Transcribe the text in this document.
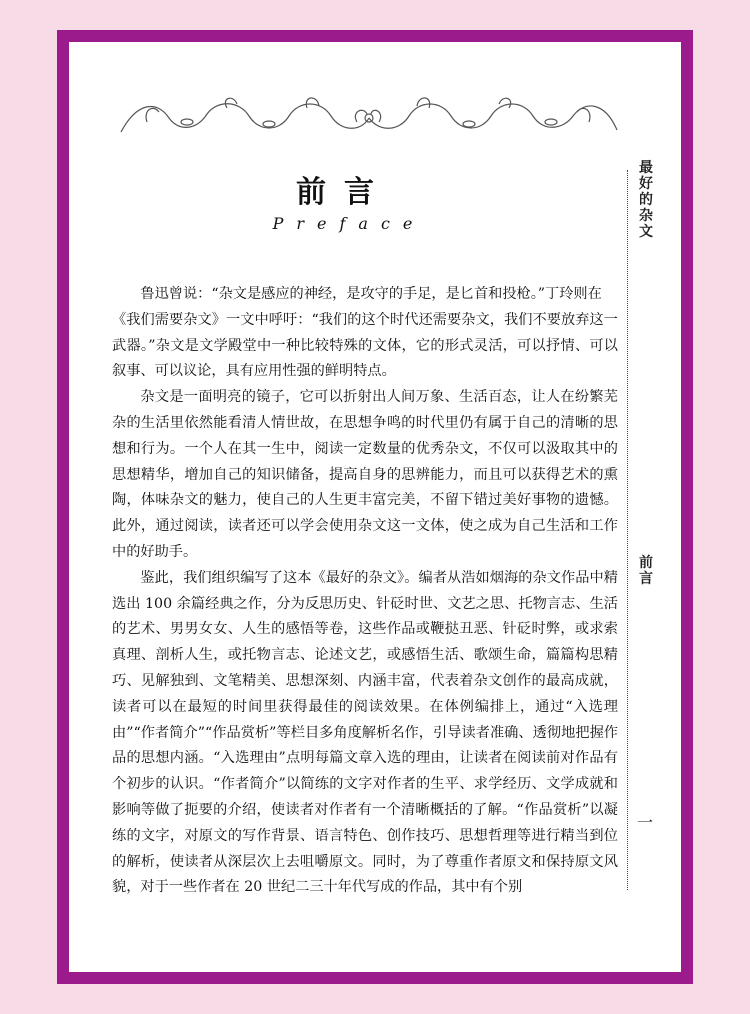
前言
Preface

鲁迅曾说：“杂文是感应的神经，是攻守的手足，是匕首和投枪。”丁玲则在

《我们需要杂文》一文中呼吁：“我们的这个时代还需要杂文，我们不要放弃这一武器。”杂文是文学殿堂中一种比较特殊的文体，它的形式灵活，可以抒情、可以叙事、可以议论，具有应用性强的鲜明特点。

杂文是一面明亮的镜子，它可以折射出人间万象、生活百态，让人在纷繁芜杂的生活里依然能看清人情世故，在思想争鸣的时代里仍有属于自己的清晰的思想和行为。一个人在其一生中，阅读一定数量的优秀杂文，不仅可以汲取其中的思想精华，增加自己的知识储备，提高自身的思辨能力，而且可以获得艺术的熏陶，体味杂文的魅力，使自己的人生更丰富完美，不留下错过美好事物的遗憾。此外，通过阅读，读者还可以学会使用杂文这一文体，使之成为自己生活和工作中的好助手。

鉴此，我们组织编写了这本《最好的杂文》。编者从浩如烟海的杂文作品中精选出 100 余篇经典之作，分为反思历史、针砭时世、文艺之思、托物言志、生活的艺术、男男女女、人生的感悟等卷，这些作品或鞭挞丑恶、针砭时弊，或求索真理、剖析人生，或托物言志、论述文艺，或感悟生活、歌颂生命，篇篇构思精巧、见解独到、文笔精美、思想深刻、内涵丰富，代表着杂文创作的最高成就，读者可以在最短的时间里获得最佳的阅读效果。在体例编排上，通过“入选理由”“作者简介”“作品赏析”等栏目多角度解析名作，引导读者准确、透彻地把握作品的思想内涵。“入选理由”点明每篇文章入选的理由，让读者在阅读前对作品有个初步的认识。“作者简介”以简练的文字对作者的生平、求学经历、文学成就和影响等做了扼要的介绍，使读者对作者有一个清晰概括的了解。“作品赏析”以凝练的文字，对原文的写作背景、语言特色、创作技巧、思想哲理等进行精当到位的解析，使读者从深层次上去咀嚼原文。同时，为了尊重作者原文和保持原文风貌，对于一些作者在 20 世纪二三十年代写成的作品，其中有个别

最好的杂文
前言
一
